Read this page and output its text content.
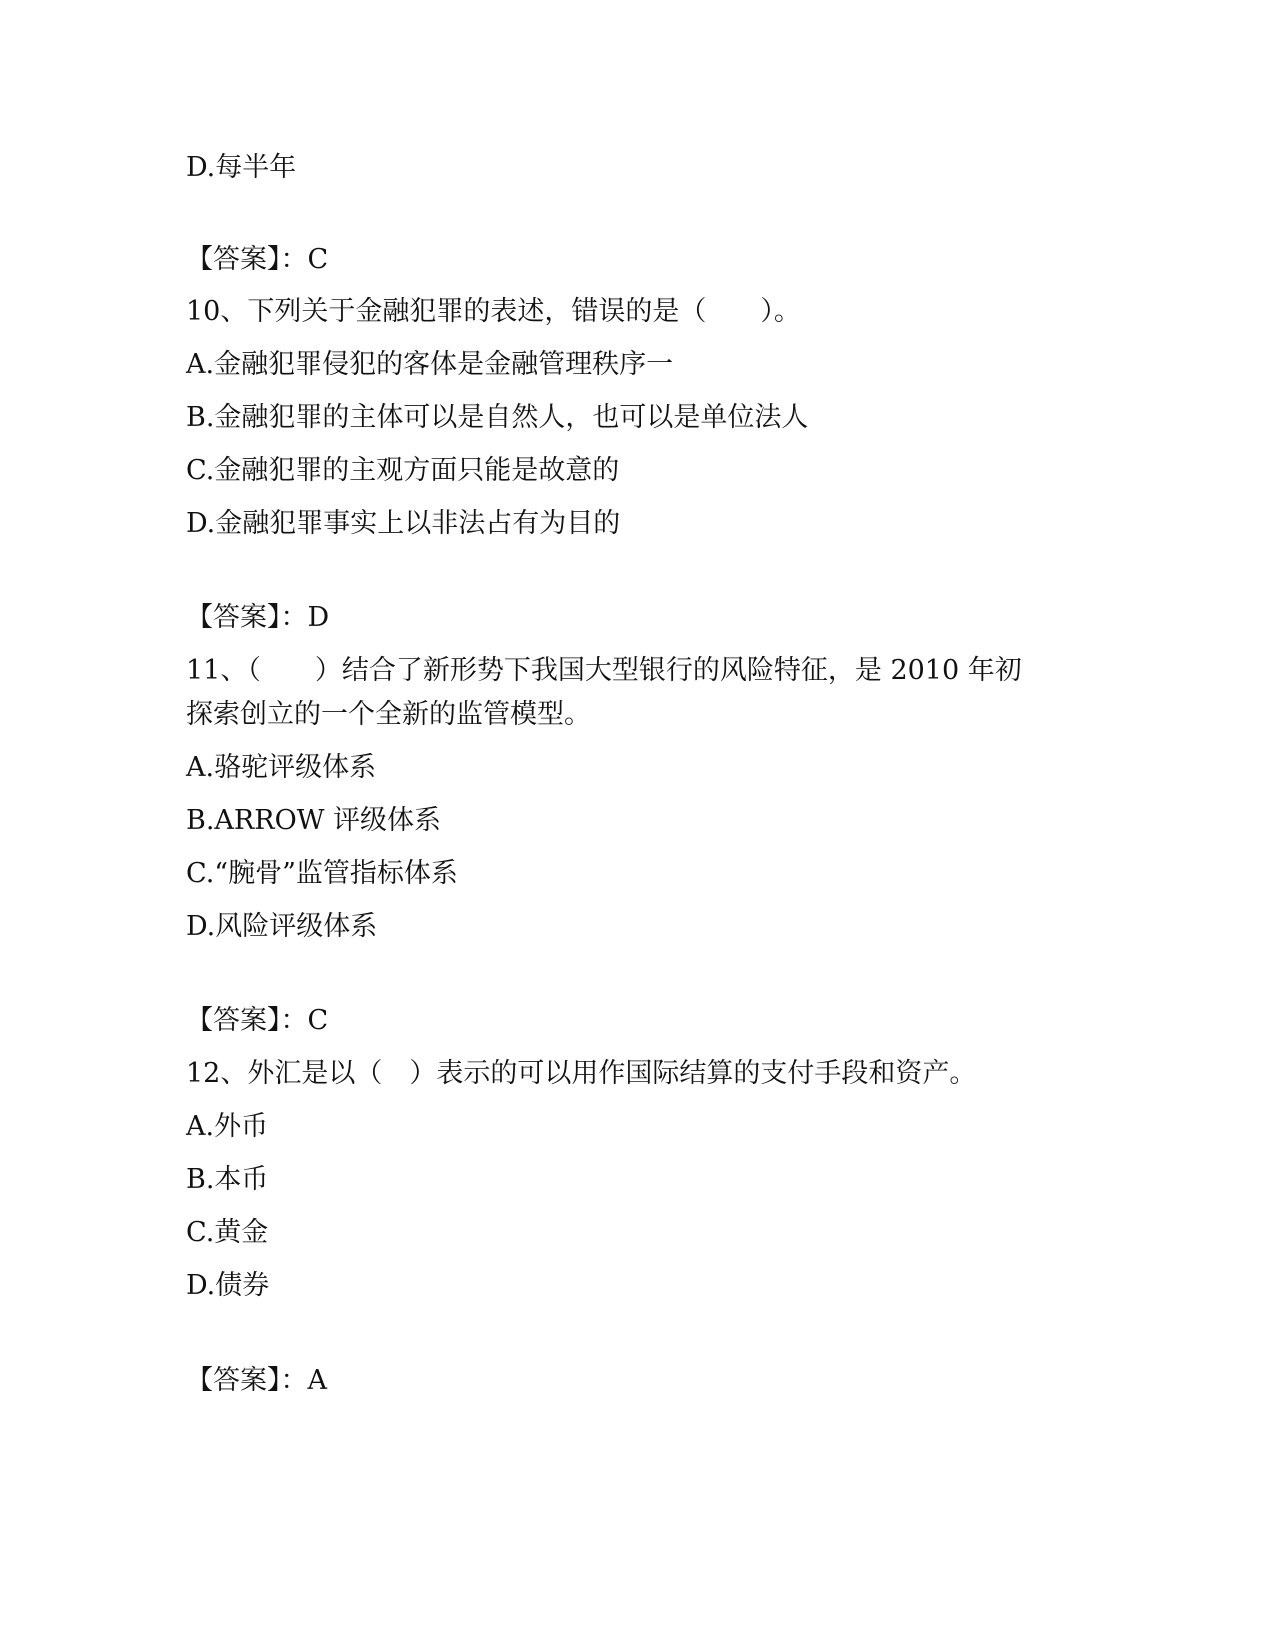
D.每半年
【答案】：C
10、下列关于金融犯罪的表述，错误的是（　　）。
A.金融犯罪侵犯的客体是金融管理秩序一
B.金融犯罪的主体可以是自然人，也可以是单位法人
C.金融犯罪的主观方面只能是故意的
D.金融犯罪事实上以非法占有为目的
【答案】：D
11、（　　）结合了新形势下我国大型银行的风险特征，是 2010 年初
探索创立的一个全新的监管模型。
A.骆驼评级体系
B.ARROW 评级体系
C.“腕骨”监管指标体系
D.风险评级体系
【答案】：C
12、外汇是以（　）表示的可以用作国际结算的支付手段和资产。
A.外币
B.本币
C.黄金
D.债券
【答案】：A
